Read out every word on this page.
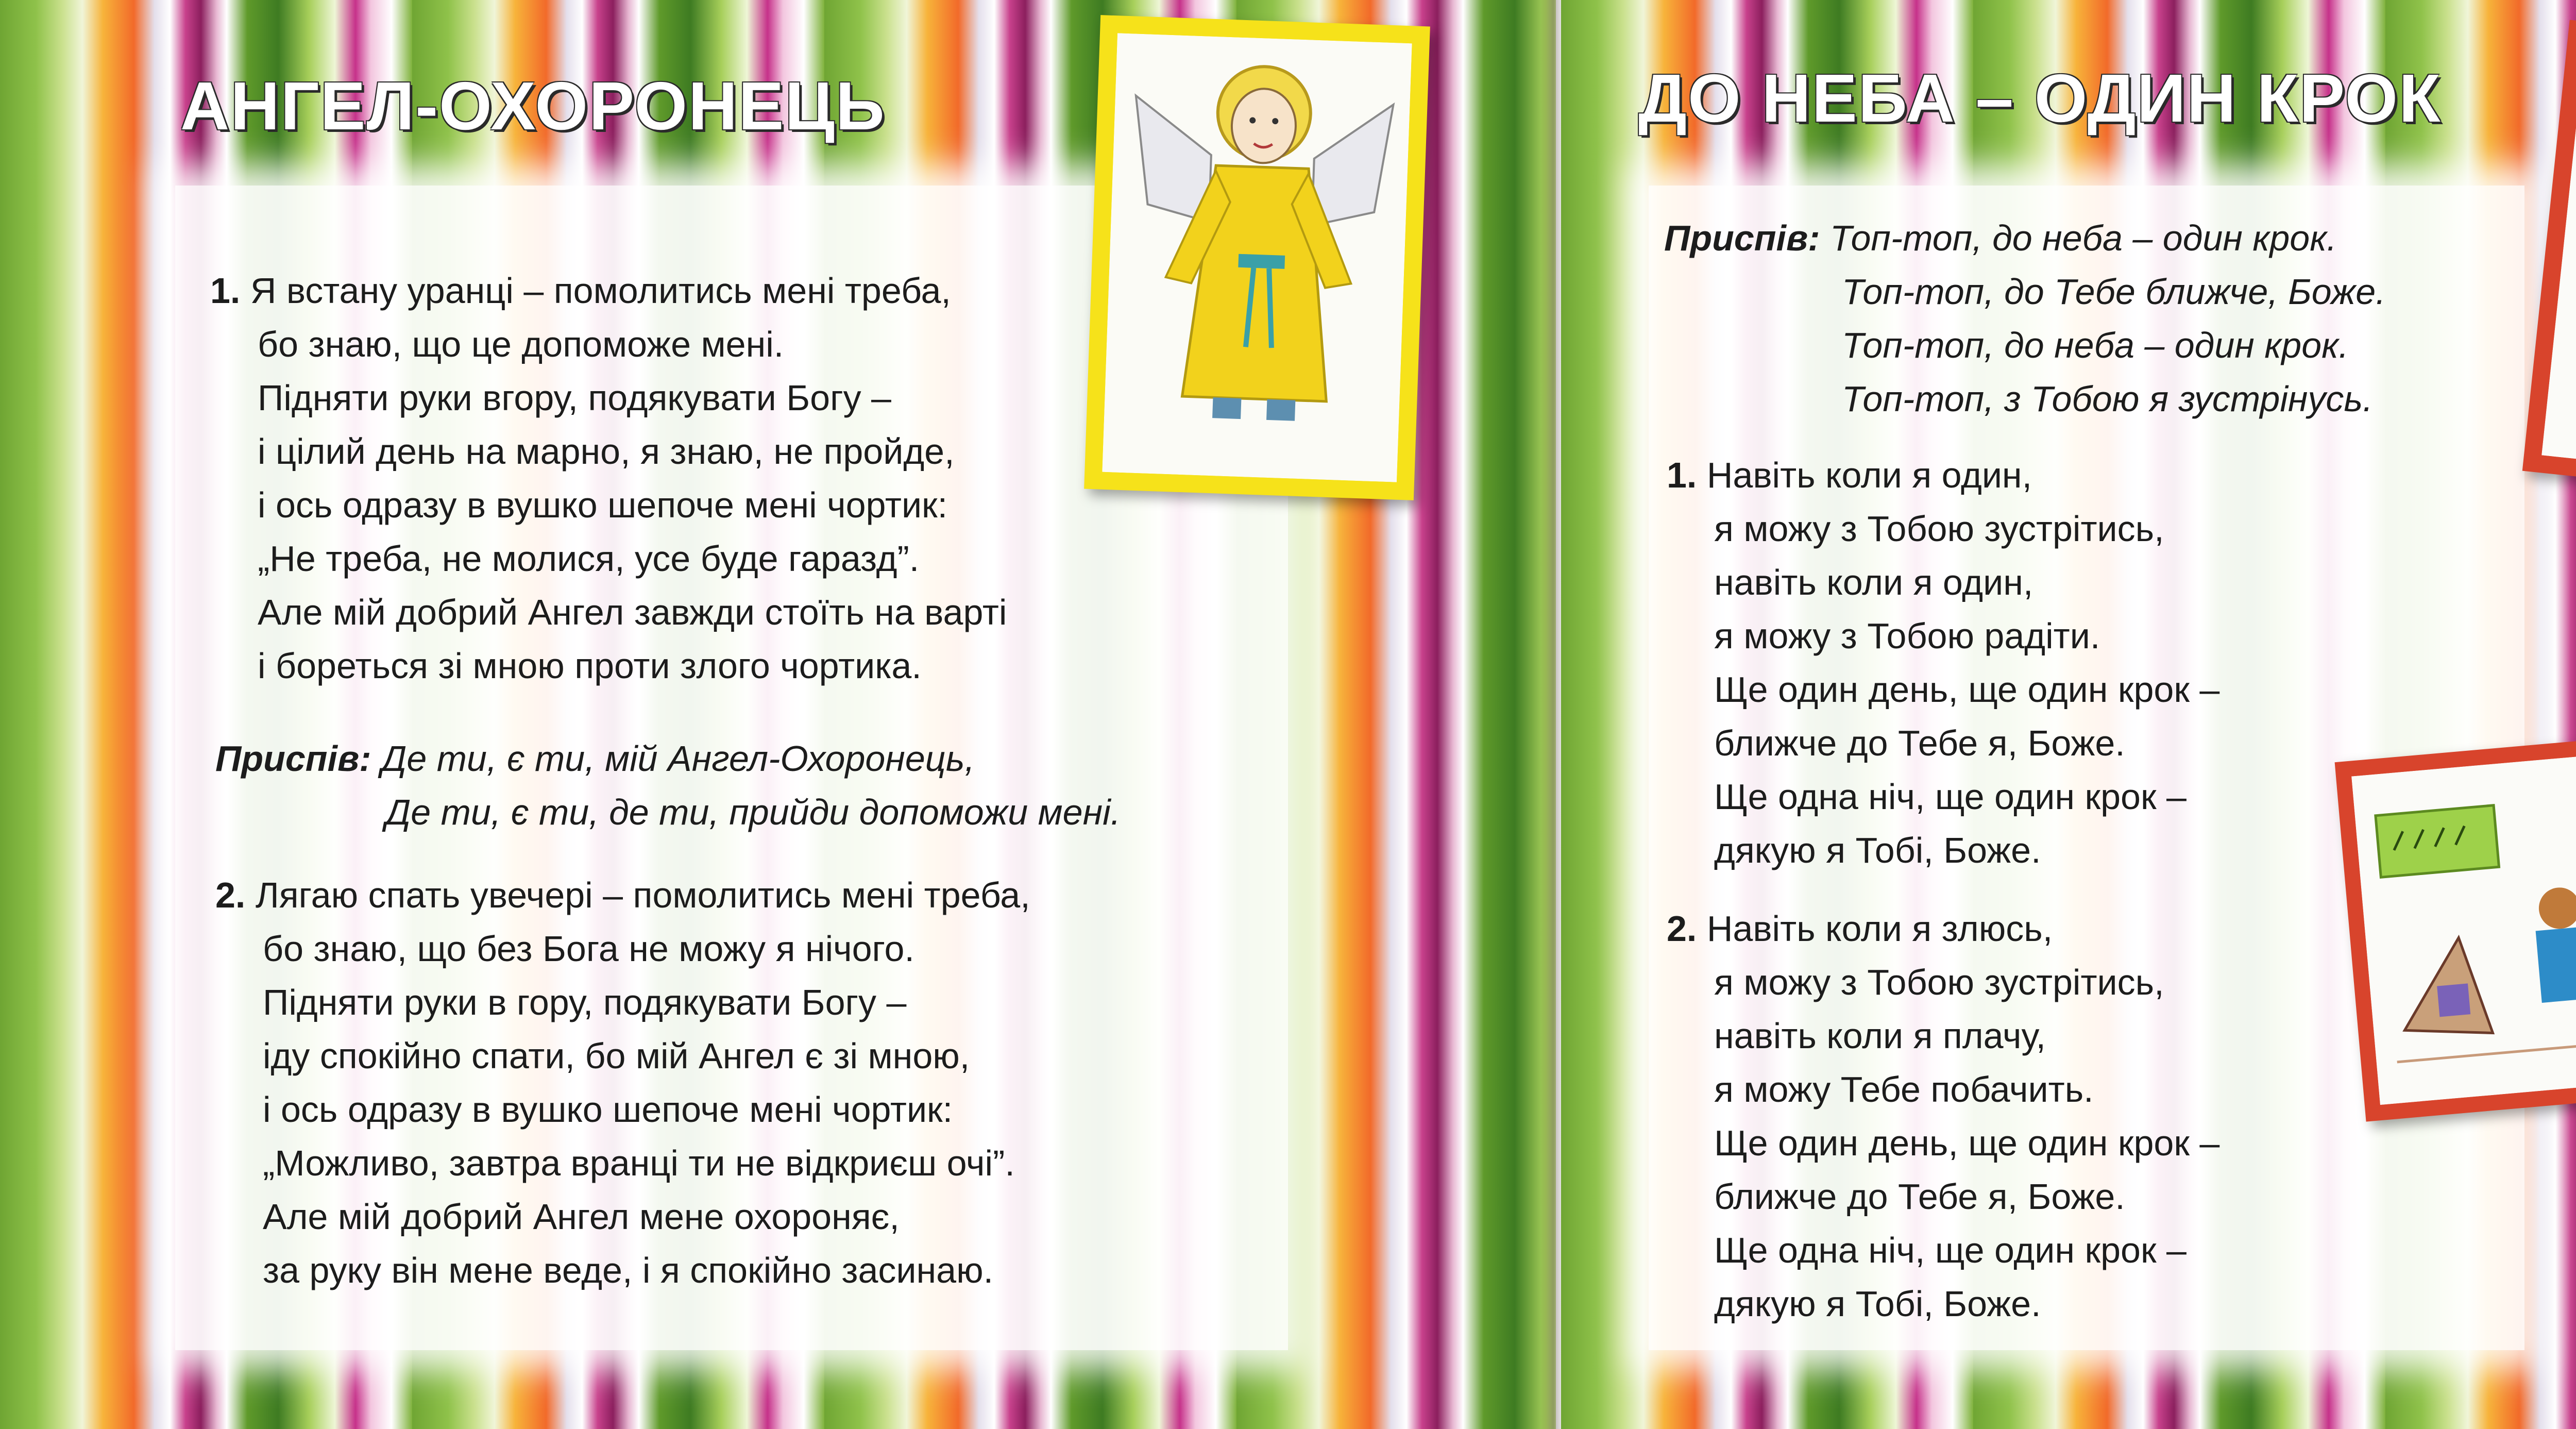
АНГЕЛ-ОХОРОНЕЦЬ
1. Я встану уранці – помолитись мені треба,
бо знаю, що це допоможе мені.
Підняти руки вгору, подякувати Богу –
і цілий день на марно, я знаю, не пройде,
і ось одразу в вушко шепоче мені чортик:
„Не треба, не молися, усе буде гаразд”.
Але мій добрий Ангел завжди стоїть на варті
і бореться зі мною проти злого чортика.
Приспів: Де ти, є ти, мій Ангел-Охоронець,
Де ти, є ти, де ти, прийди допоможи мені.
2. Лягаю спать увечері – помолитись мені треба,
бо знаю, що без Бога не можу я нічого.
Підняти руки в гору, подякувати Богу –
іду спокійно спати, бо мій Ангел є зі мною,
і ось одразу в вушко шепоче мені чортик:
„Можливо, завтра вранці ти не відкриєш очі”.
Але мій добрий Ангел мене охороняє,
за руку він мене веде, і я спокійно засинаю.
ДО НЕБА – ОДИН КРОК
Приспів: Топ-топ, до неба – один крок.
Топ-топ, до Тебе ближче, Боже.
Топ-топ, до неба – один крок.
Топ-топ, з Тобою я зустрінусь.
1. Навіть коли я один,
я можу з Тобою зустрітись,
навіть коли я один,
я можу з Тобою радіти.
Ще один день, ще один крок –
ближче до Тебе я, Боже.
Ще одна ніч, ще один крок –
дякую я Тобі, Боже.
2. Навіть коли я злюсь,
я можу з Тобою зустрітись,
навіть коли я плачу,
я можу Тебе побачить.
Ще один день, ще один крок –
ближче до Тебе я, Боже.
Ще одна ніч, ще один крок –
дякую я Тобі, Боже.
